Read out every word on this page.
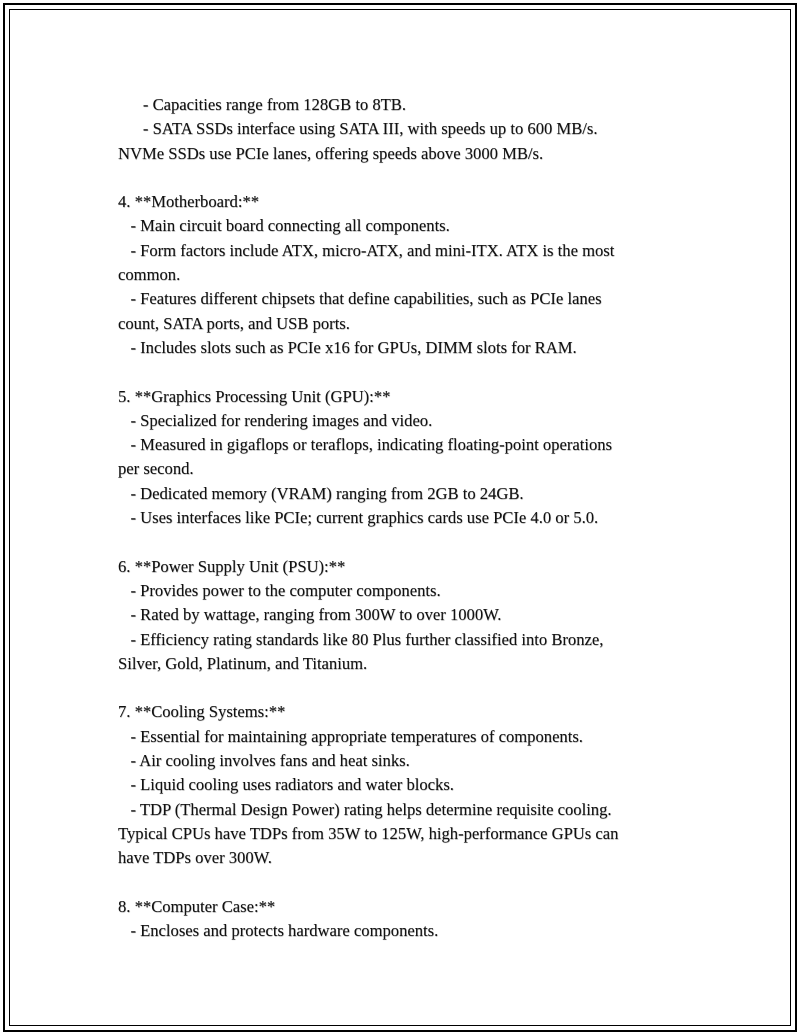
- Capacities range from 128GB to 8TB.
- SATA SSDs interface using SATA III, with speeds up to 600 MB/s.
NVMe SSDs use PCIe lanes, offering speeds above 3000 MB/s.
4. **Motherboard:**
- Main circuit board connecting all components.
- Form factors include ATX, micro-ATX, and mini-ITX. ATX is the most
common.
- Features different chipsets that define capabilities, such as PCIe lanes
count, SATA ports, and USB ports.
- Includes slots such as PCIe x16 for GPUs, DIMM slots for RAM.
5. **Graphics Processing Unit (GPU):**
- Specialized for rendering images and video.
- Measured in gigaflops or teraflops, indicating floating-point operations
per second.
- Dedicated memory (VRAM) ranging from 2GB to 24GB.
- Uses interfaces like PCIe; current graphics cards use PCIe 4.0 or 5.0.
6. **Power Supply Unit (PSU):**
- Provides power to the computer components.
- Rated by wattage, ranging from 300W to over 1000W.
- Efficiency rating standards like 80 Plus further classified into Bronze,
Silver, Gold, Platinum, and Titanium.
7. **Cooling Systems:**
- Essential for maintaining appropriate temperatures of components.
- Air cooling involves fans and heat sinks.
- Liquid cooling uses radiators and water blocks.
- TDP (Thermal Design Power) rating helps determine requisite cooling.
Typical CPUs have TDPs from 35W to 125W, high-performance GPUs can
have TDPs over 300W.
8. **Computer Case:**
- Encloses and protects hardware components.
